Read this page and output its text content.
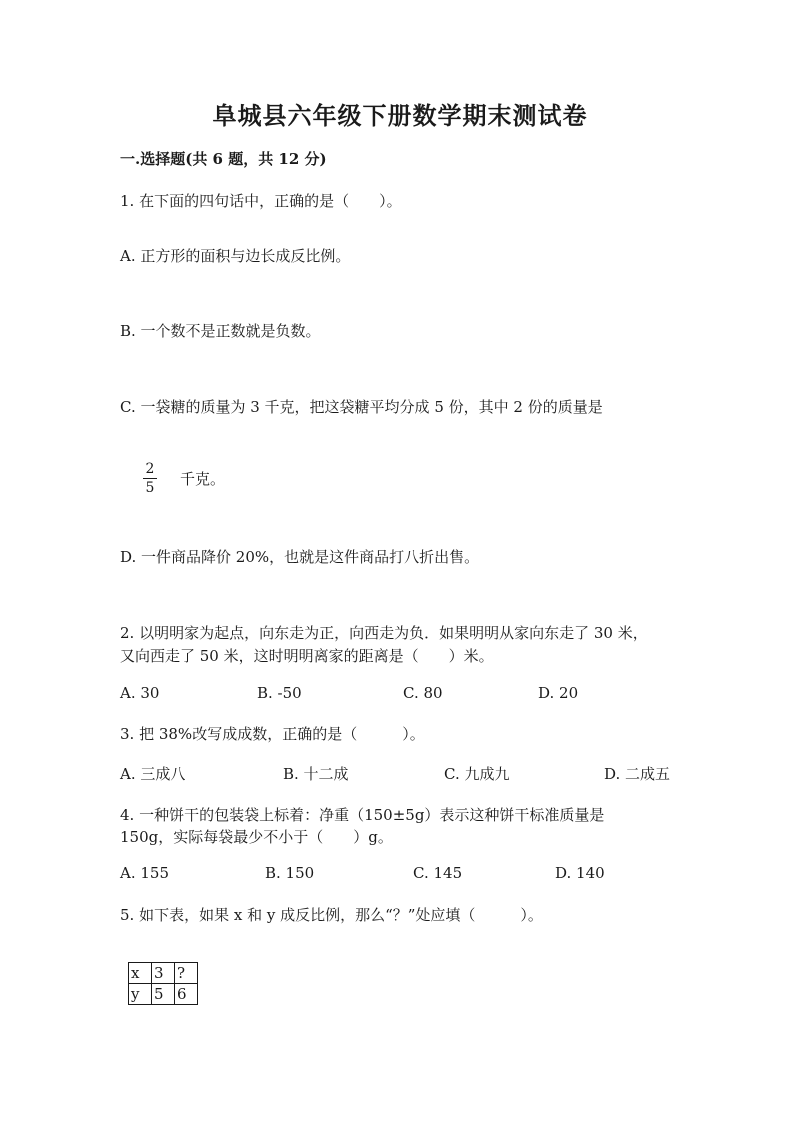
阜城县六年级下册数学期末测试卷
一.选择题(共 6 题，共 12 分)
1. 在下面的四句话中，正确的是（　　）。
A. 正方形的面积与边长成反比例。
B. 一个数不是正数就是负数。
C. 一袋糖的质量为 3 千克，把这袋糖平均分成 5 份，其中 2 份的质量是
2
5 千克。
D. 一件商品降价 20%，也就是这件商品打八折出售。
2. 以明明家为起点，向东走为正，向西走为负．如果明明从家向东走了 30 米，
又向西走了 50 米，这时明明离家的距离是（　　）米。
A. 30	B. -50	C. 80	D. 20
3. 把 38%改写成成数，正确的是（　　　）。
A. 三成八	B. 十二成	C. 九成九	D. 二成五
4. 一种饼干的包装袋上标着：净重（150±5g）表示这种饼干标准质量是
150g，实际每袋最少不小于（　　）g。
A. 155	B. 150	C. 145	D. 140
5. 如下表，如果 x 和 y 成反比例，那么“？”处应填（　　　）。
x	3	?
y	5	6
